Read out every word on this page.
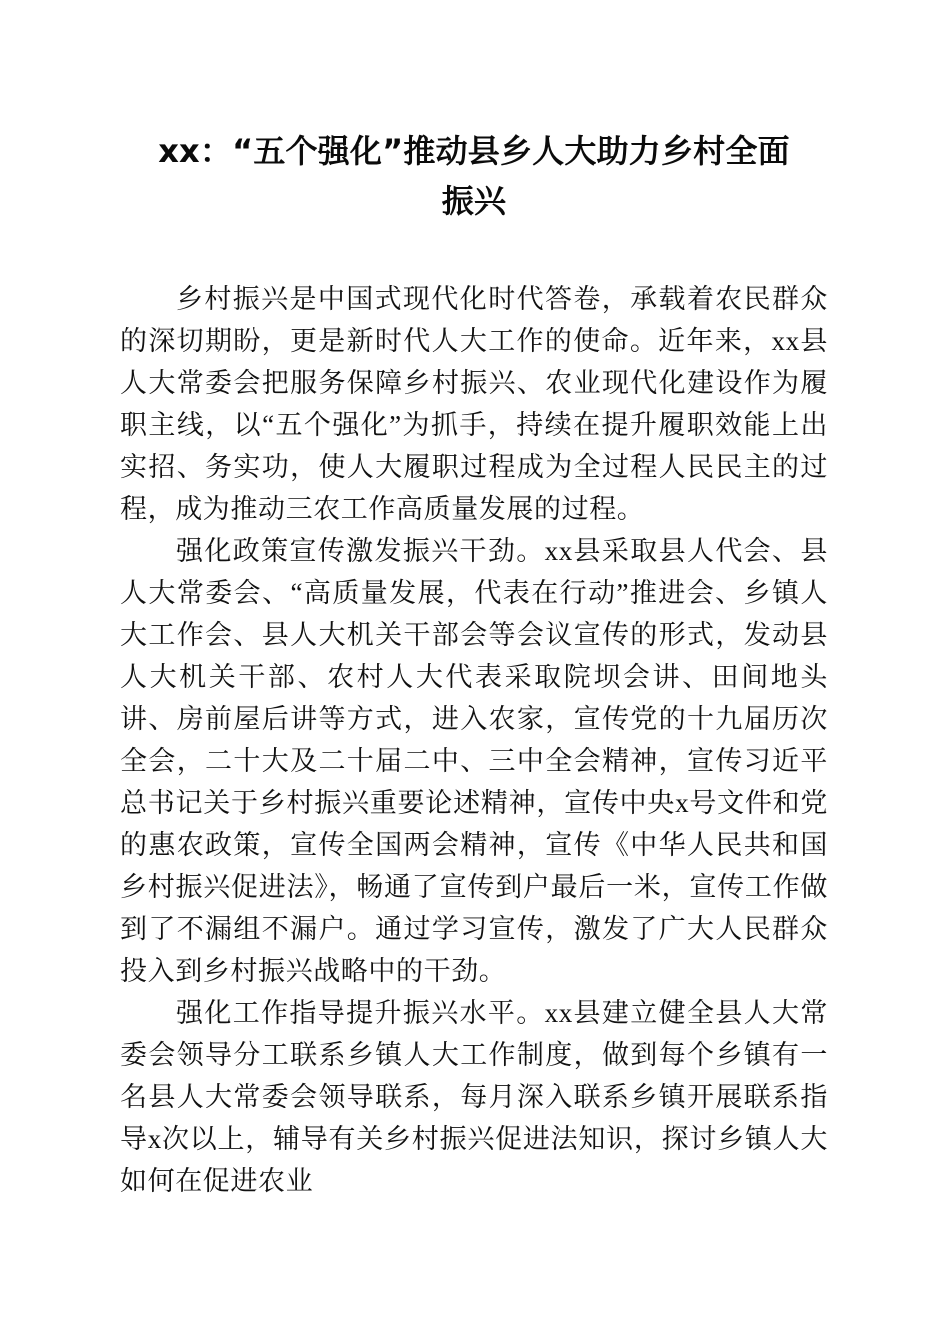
xx：“五个强化”推动县乡人大助力乡村全面
振兴

乡村振兴是中国式现代化时代答卷，承载着农民群众的深切期盼，更是新时代人大工作的使命。近年来，xx县人大常委会把服务保障乡村振兴、农业现代化建设作为履职主线，以“五个强化”为抓手，持续在提升履职效能上出实招、务实功，使人大履职过程成为全过程人民民主的过程，成为推动三农工作高质量发展的过程。

强化政策宣传激发振兴干劲。xx县采取县人代会、县人大常委会、“高质量发展，代表在行动”推进会、乡镇人大工作会、县人大机关干部会等会议宣传的形式，发动县人大机关干部、农村人大代表采取院坝会讲、田间地头讲、房前屋后讲等方式，进入农家，宣传党的十九届历次全会，二十大及二十届二中、三中全会精神，宣传习近平总书记关于乡村振兴重要论述精神，宣传中央x号文件和党的惠农政策，宣传全国两会精神，宣传《中华人民共和国乡村振兴促进法》，畅通了宣传到户最后一米，宣传工作做到了不漏组不漏户。通过学习宣传，激发了广大人民群众投入到乡村振兴战略中的干劲。

强化工作指导提升振兴水平。xx县建立健全县人大常委会领导分工联系乡镇人大工作制度，做到每个乡镇有一名县人大常委会领导联系，每月深入联系乡镇开展联系指导x次以上，辅导有关乡村振兴促进法知识，探讨乡镇人大如何在促进农业
